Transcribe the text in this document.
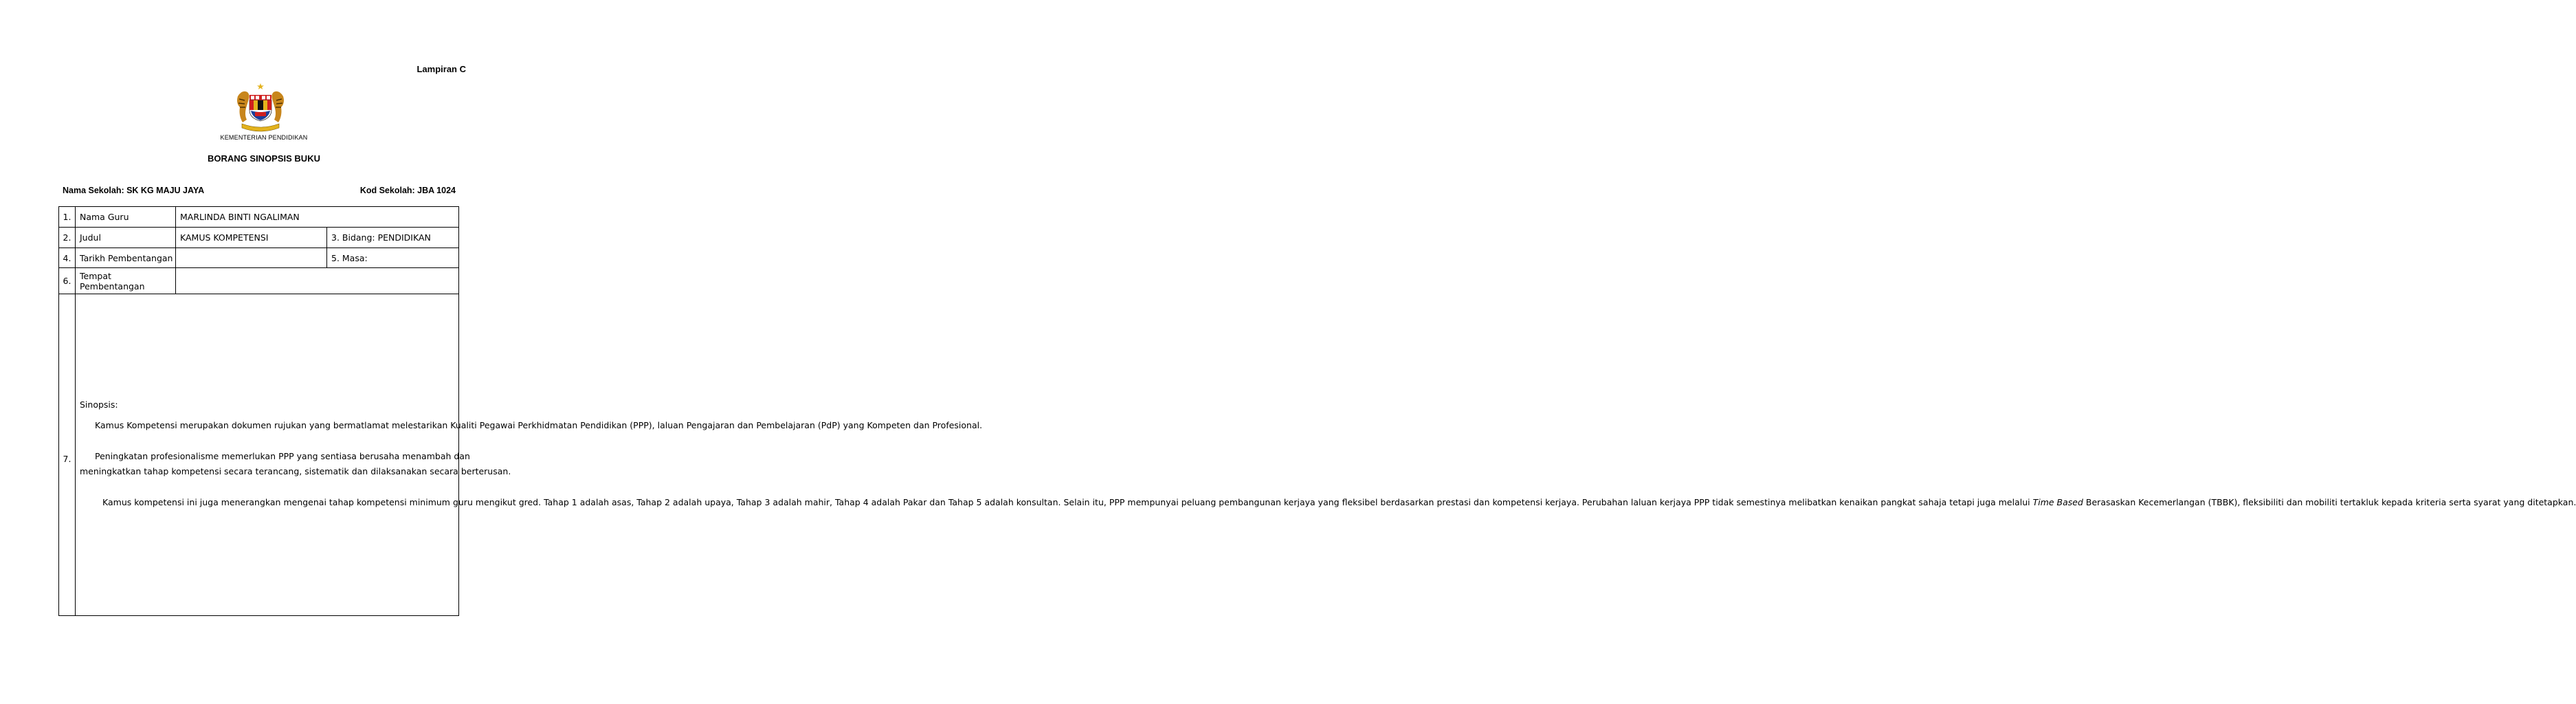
Lampiran C
KEMENTERIAN PENDIDIKAN
BORANG SINOPSIS BUKU
Nama Sekolah: SK KG MAJU JAYA	Kod Sekolah: JBA 1024
1.	Nama Guru	MARLINDA BINTI NGALIMAN	
2.	Judul	KAMUS KOMPETENSI	3. Bidang: PENDIDIKAN
4.	Tarikh Pembentangan		5. Masa:
6.	Tempat Pembentangan		
7.	Sinopsis:

Kamus Kompetensi merupakan dokumen rujukan yang bermatlamat melestarikan Kualiti Pegawai Perkhidmatan Pendidikan (PPP), laluan Pengajaran dan Pembelajaran (PdP) yang Kompeten dan Profesional.

Peningkatan profesionalisme memerlukan PPP yang sentiasa berusaha menambah dan

meningkatkan tahap kompetensi secara terancang, sistematik dan dilaksanakan secara berterusan.

Kamus kompetensi ini juga menerangkan mengenai tahap kompetensi minimum guru mengikut gred. Tahap 1 adalah asas, Tahap 2 adalah upaya, Tahap 3 adalah mahir, Tahap 4 adalah Pakar dan Tahap 5 adalah konsultan. Selain itu, PPP mempunyai peluang pembangunan kerjaya yang fleksibel berdasarkan prestasi dan kompetensi kerjaya. Perubahan laluan kerjaya PPP tidak semestinya melibatkan kenaikan pangkat sahaja tetapi juga melalui Time Based Berasaskan Kecemerlangan (TBBK), fleksibiliti dan mobiliti tertakluk kepada kriteria serta syarat yang ditetapkan.		
